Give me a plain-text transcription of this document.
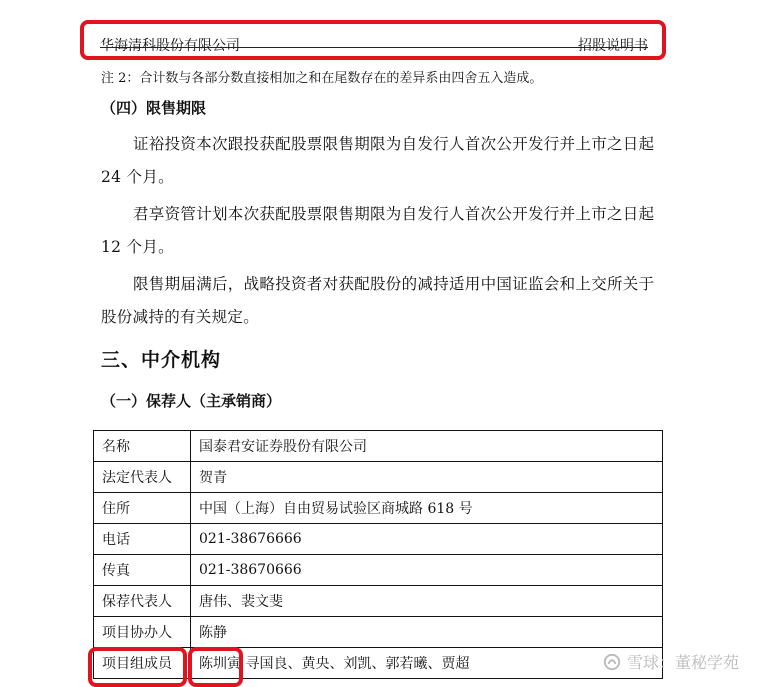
华海清科股份有限公司	招股说明书
注 2：合计数与各部分数直接相加之和在尾数存在的差异系由四舍五入造成。
（四）限售期限
证裕投资本次跟投获配股票限售期限为自发行人首次公开发行并上市之日起 24 个月。
君享资管计划本次获配股票限售期限为自发行人首次公开发行并上市之日起 12 个月。
限售期届满后，战略投资者对获配股份的减持适用中国证监会和上交所关于股份减持的有关规定。
三、中介机构
（一）保荐人（主承销商）
名称	国泰君安证券股份有限公司
法定代表人	贺青
住所	中国（上海）自由贸易试验区商城路 618 号
电话	021-38676666
传真	021-38670666
保荐代表人	唐伟、裴文斐
项目协办人	陈静
项目组成员	陈圳寅 寻国良、黄央、刘凯、郭若曦、贾超	雪球：董秘学苑
